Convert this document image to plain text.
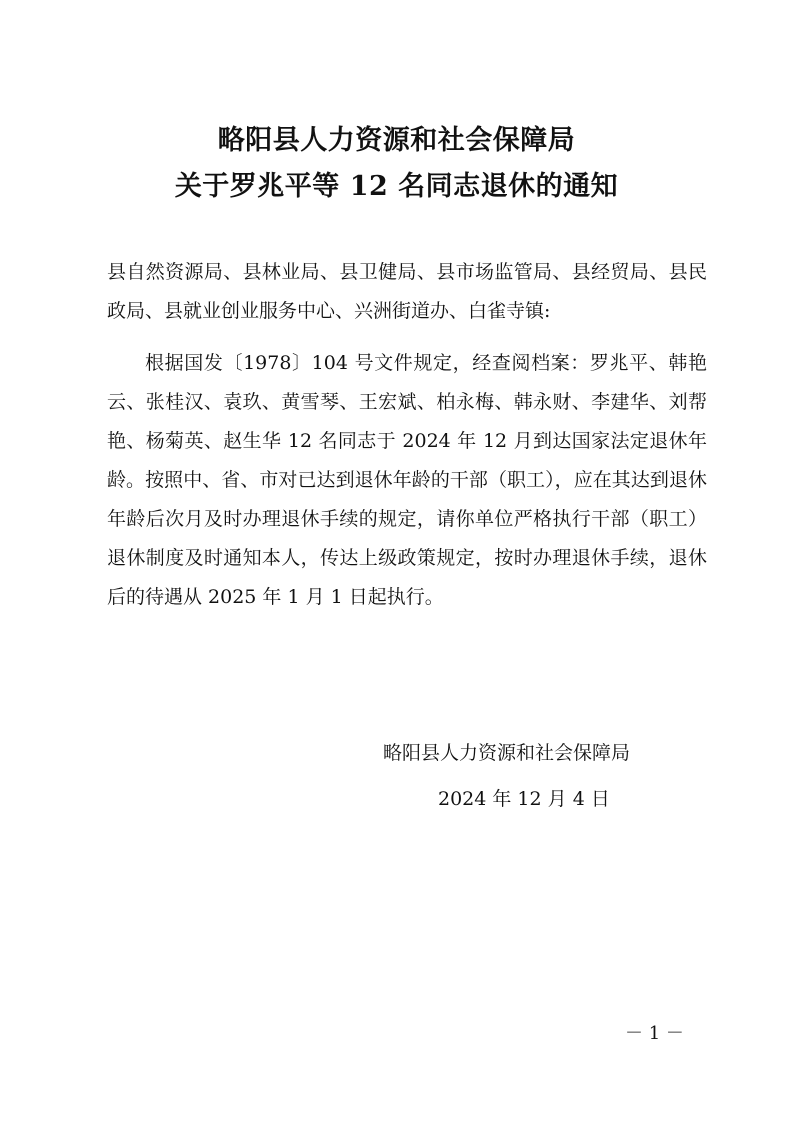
略阳县人力资源和社会保障局
关于罗兆平等 12 名同志退休的通知
县自然资源局、县林业局、县卫健局、县市场监管局、县经贸局、县民政局、县就业创业服务中心、兴洲街道办、白雀寺镇:
根据国发〔1978〕104 号文件规定，经查阅档案：罗兆平、韩艳云、张桂汉、袁玖、黄雪琴、王宏斌、柏永梅、韩永财、李建华、刘帮艳、杨菊英、赵生华 12 名同志于 2024 年 12 月到达国家法定退休年龄。按照中、省、市对已达到退休年龄的干部（职工），应在其达到退休年龄后次月及时办理退休手续的规定，请你单位严格执行干部（职工）退休制度及时通知本人，传达上级政策规定，按时办理退休手续，退休后的待遇从 2025 年 1 月 1 日起执行。
略阳县人力资源和社会保障局
2024 年 12 月 4 日
－ 1 －
